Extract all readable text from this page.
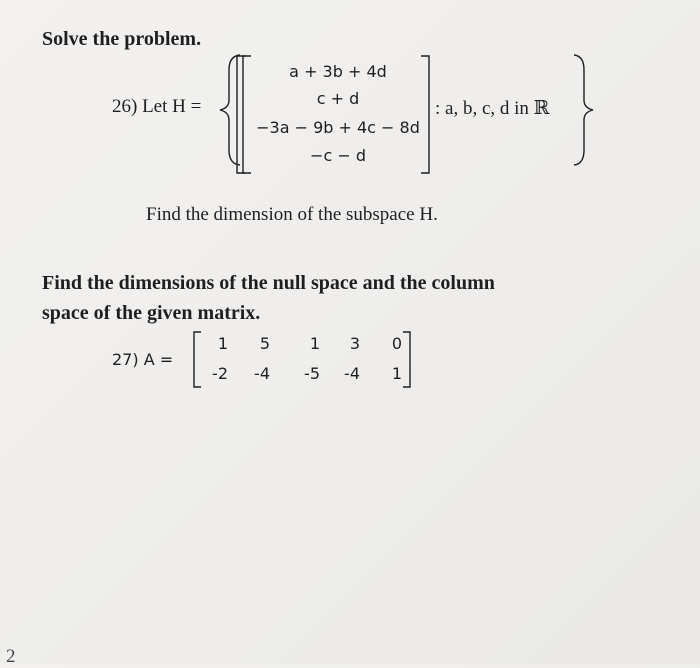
Solve the problem.
26) Let H =
a + 3b + 4d
c + d
−3a − 9b + 4c − 8d
−c − d
: a, b, c, d in ℝ
Find the dimension of the subspace H.
Find the dimensions of the null space and the column
space of the given matrix.
27) A =
1	5	1	3	0
-2	-4	-5	-4	1
2
